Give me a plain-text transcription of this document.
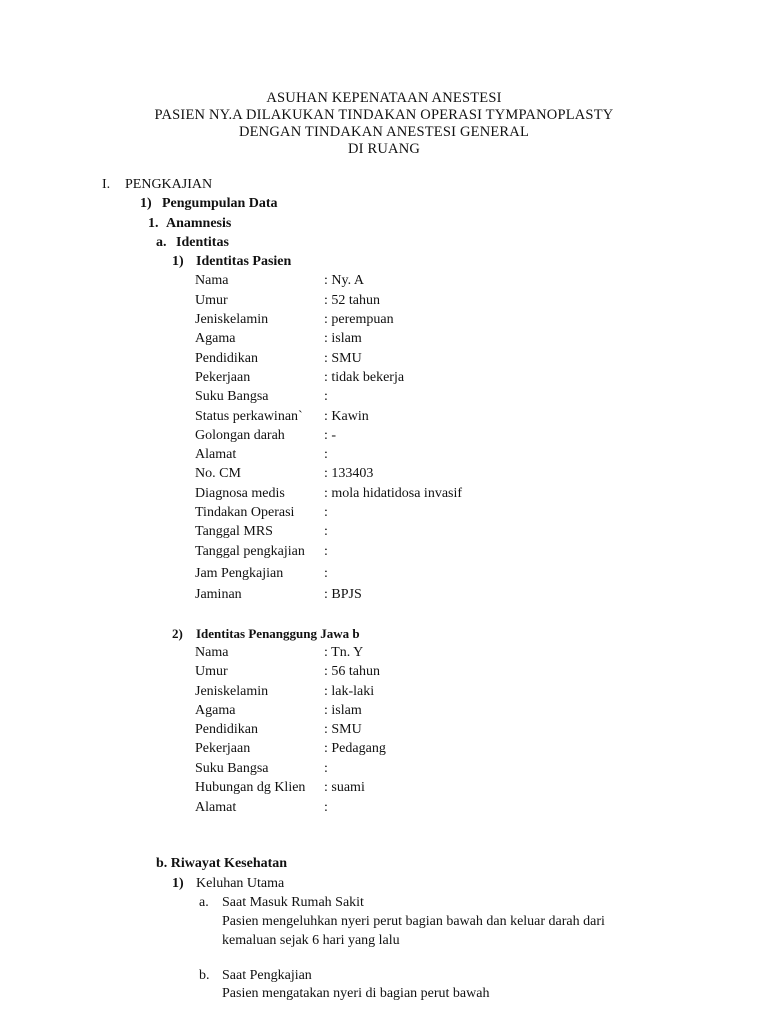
ASUHAN KEPENATAAN ANESTESI
PASIEN NY.A DILAKUKAN TINDAKAN OPERASI TYMPANOPLASTY
DENGAN TINDAKAN ANESTESI GENERAL
DI RUANG
I. PENGKAJIAN
1) Pengumpulan Data
1. Anamnesis
a. Identitas
1) Identitas Pasien
Nama	: Ny. A
Umur	: 52 tahun
Jeniskelamin	: perempuan
Agama	: islam
Pendidikan	: SMU
Pekerjaan	: tidak bekerja
Suku Bangsa	:
Status perkawinan` : Kawin
Golongan darah	: -
Alamat	:
No. CM	: 133403
Diagnosa medis	: mola hidatidosa invasif
Tindakan Operasi :
Tanggal MRS	:
Tanggal pengkajian :
Jam Pengkajian	:
Jaminan	: BPJS
2) Identitas Penanggung Jawa b
Nama	: Tn. Y
Umur	: 56 tahun
Jeniskelamin	: lak-laki
Agama	: islam
Pendidikan	: SMU
Pekerjaan	: Pedagang
Suku Bangsa	:
Hubungan dg Klien : suami
Alamat	:
b. Riwayat Kesehatan
1) Keluhan Utama
a. Saat Masuk Rumah Sakit
Pasien mengeluhkan nyeri perut bagian bawah dan keluar darah dari
kemaluan sejak 6 hari yang lalu
b. Saat Pengkajian
Pasien mengatakan nyeri di bagian perut bawah
